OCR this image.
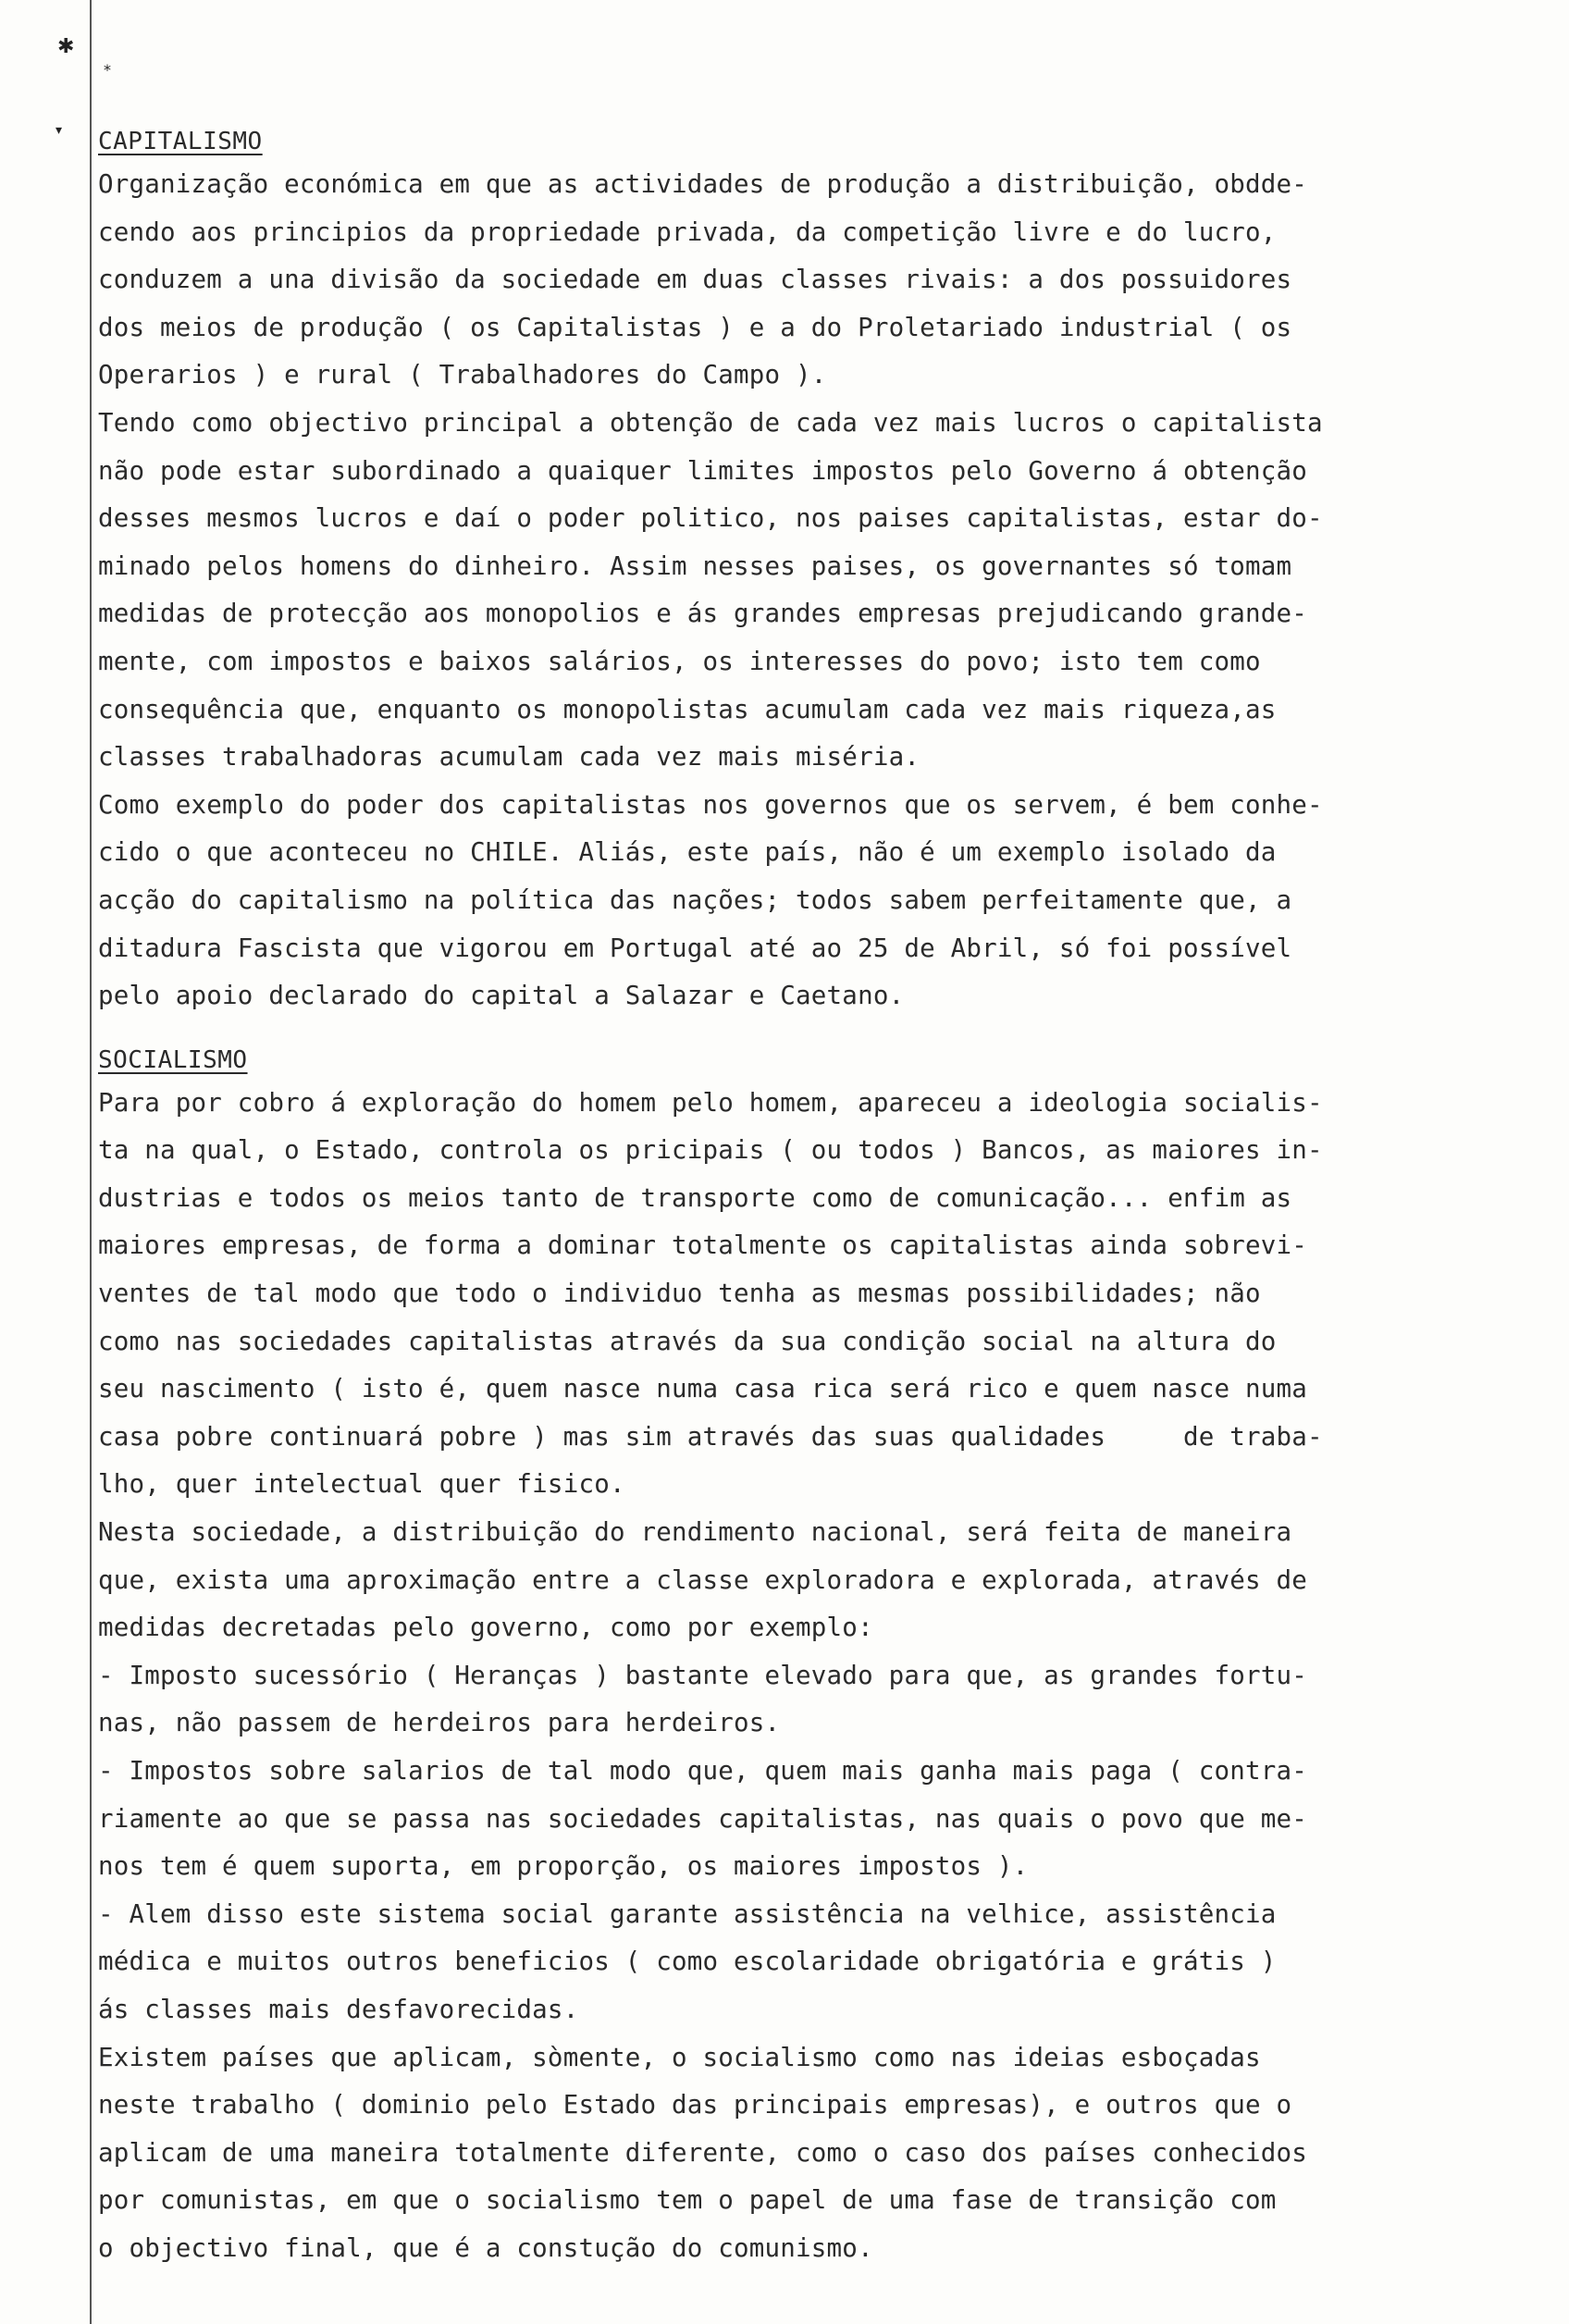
✱
*
▾ CAPITALISMO
Organização económica em que as actividades de produção a distribuição, obdde-
cendo aos principios da propriedade privada, da competição livre e do lucro,
conduzem a una divisão da sociedade em duas classes rivais: a dos possuidores
dos meios de produção ( os Capitalistas ) e a do Proletariado industrial ( os
Operarios ) e rural ( Trabalhadores do Campo ).
Tendo como objectivo principal a obtenção de cada vez mais lucros o capitalista
não pode estar subordinado a quaiquer limites impostos pelo Governo á obtenção
desses mesmos lucros e daí o poder politico, nos paises capitalistas, estar do-
minado pelos homens do dinheiro. Assim nesses paises, os governantes só tomam
medidas de protecção aos monopolios e ás grandes empresas prejudicando grande-
mente, com impostos e baixos salários, os interesses do povo; isto tem como
consequência que, enquanto os monopolistas acumulam cada vez mais riqueza,as
classes trabalhadoras acumulam cada vez mais miséria.
Como exemplo do poder dos capitalistas nos governos que os servem, é bem conhe-
cido o que aconteceu no CHILE. Aliás, este país, não é um exemplo isolado da
acção do capitalismo na política das nações; todos sabem perfeitamente que, a
ditadura Fascista que vigorou em Portugal até ao 25 de Abril, só foi possível
pelo apoio declarado do capital a Salazar e Caetano.
SOCIALISMO
Para por cobro á exploração do homem pelo homem, apareceu a ideologia socialis-
ta na qual, o Estado, controla os pricipais ( ou todos ) Bancos, as maiores in-
dustrias e todos os meios tanto de transporte como de comunicação... enfim as
maiores empresas, de forma a dominar totalmente os capitalistas ainda sobrevi-
ventes de tal modo que todo o individuo tenha as mesmas possibilidades; não
como nas sociedades capitalistas através da sua condição social na altura do
seu nascimento ( isto é, quem nasce numa casa rica será rico e quem nasce numa
casa pobre continuará pobre ) mas sim através das suas qualidades     de traba-
lho, quer intelectual quer fisico.
Nesta sociedade, a distribuição do rendimento nacional, será feita de maneira
que, exista uma aproximação entre a classe exploradora e explorada, através de
medidas decretadas pelo governo, como por exemplo:
- Imposto sucessório ( Heranças ) bastante elevado para que, as grandes fortu-
nas, não passem de herdeiros para herdeiros.
- Impostos sobre salarios de tal modo que, quem mais ganha mais paga ( contra-
riamente ao que se passa nas sociedades capitalistas, nas quais o povo que me-
nos tem é quem suporta, em proporção, os maiores impostos ).
- Alem disso este sistema social garante assistência na velhice, assistência
médica e muitos outros beneficios ( como escolaridade obrigatória e grátis )
ás classes mais desfavorecidas.
Existem países que aplicam, sòmente, o socialismo como nas ideias esboçadas
neste trabalho ( dominio pelo Estado das principais empresas), e outros que o
aplicam de uma maneira totalmente diferente, como o caso dos países conhecidos
por comunistas, em que o socialismo tem o papel de uma fase de transição com
o objectivo final, que é a constução do comunismo.
